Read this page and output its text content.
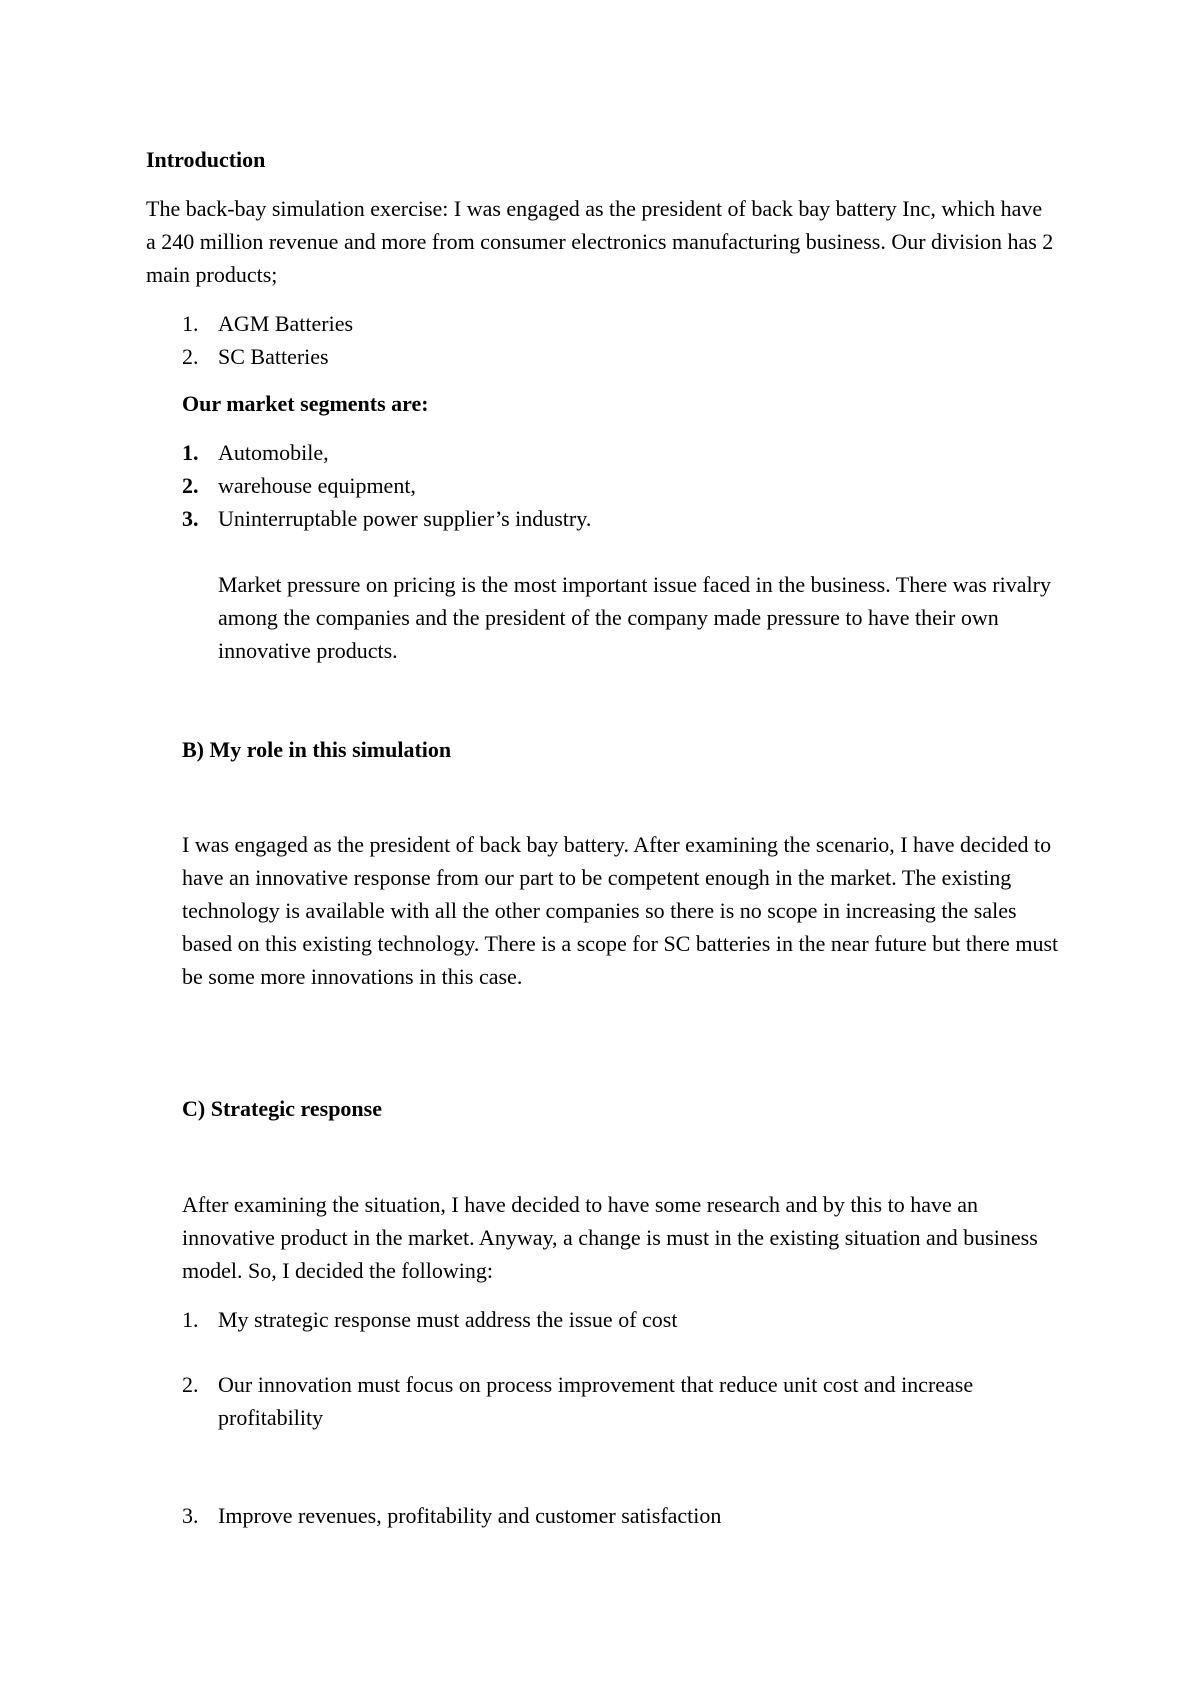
Introduction

The back-bay simulation exercise: I was engaged as the president of back bay battery Inc, which have a 240 million revenue and more from consumer electronics manufacturing business. Our division has 2 main products;

1. AGM Batteries
2. SC Batteries
Our market segments are:
1. Automobile,
2. warehouse equipment,
3. Uninterruptable power supplier’s industry.

Market pressure on pricing is the most important issue faced in the business. There was rivalry among the companies and the president of the company made pressure to have their own innovative products.

B) My role in this simulation

I was engaged as the president of back bay battery. After examining the scenario, I have decided to have an innovative response from our part to be competent enough in the market. The existing technology is available with all the other companies so there is no scope in increasing the sales based on this existing technology. There is a scope for SC batteries in the near future but there must be some more innovations in this case.

C) Strategic response

After examining the situation, I have decided to have some research and by this to have an innovative product in the market. Anyway, a change is must in the existing situation and business model. So, I decided the following:

1. My strategic response must address the issue of cost
2. Our innovation must focus on process improvement that reduce unit cost and increase profitability
3. Improve revenues, profitability and customer satisfaction
